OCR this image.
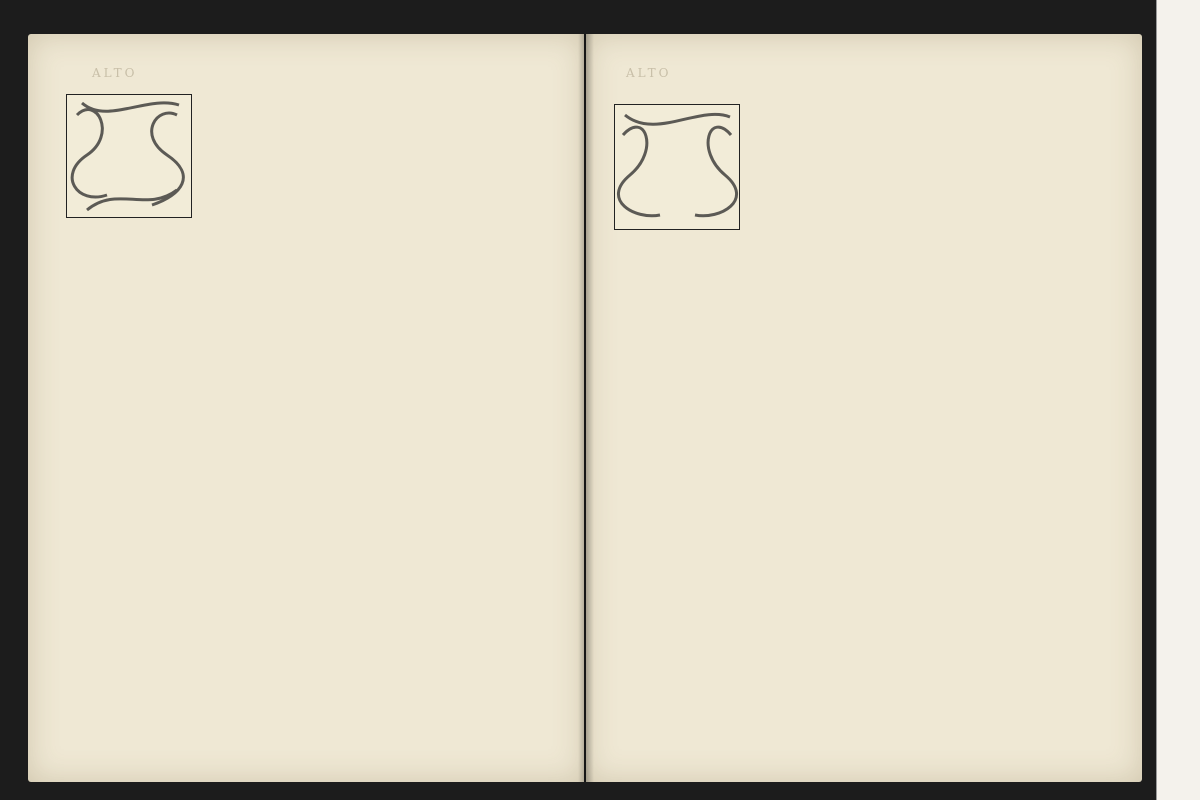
ALTO	ALTO
